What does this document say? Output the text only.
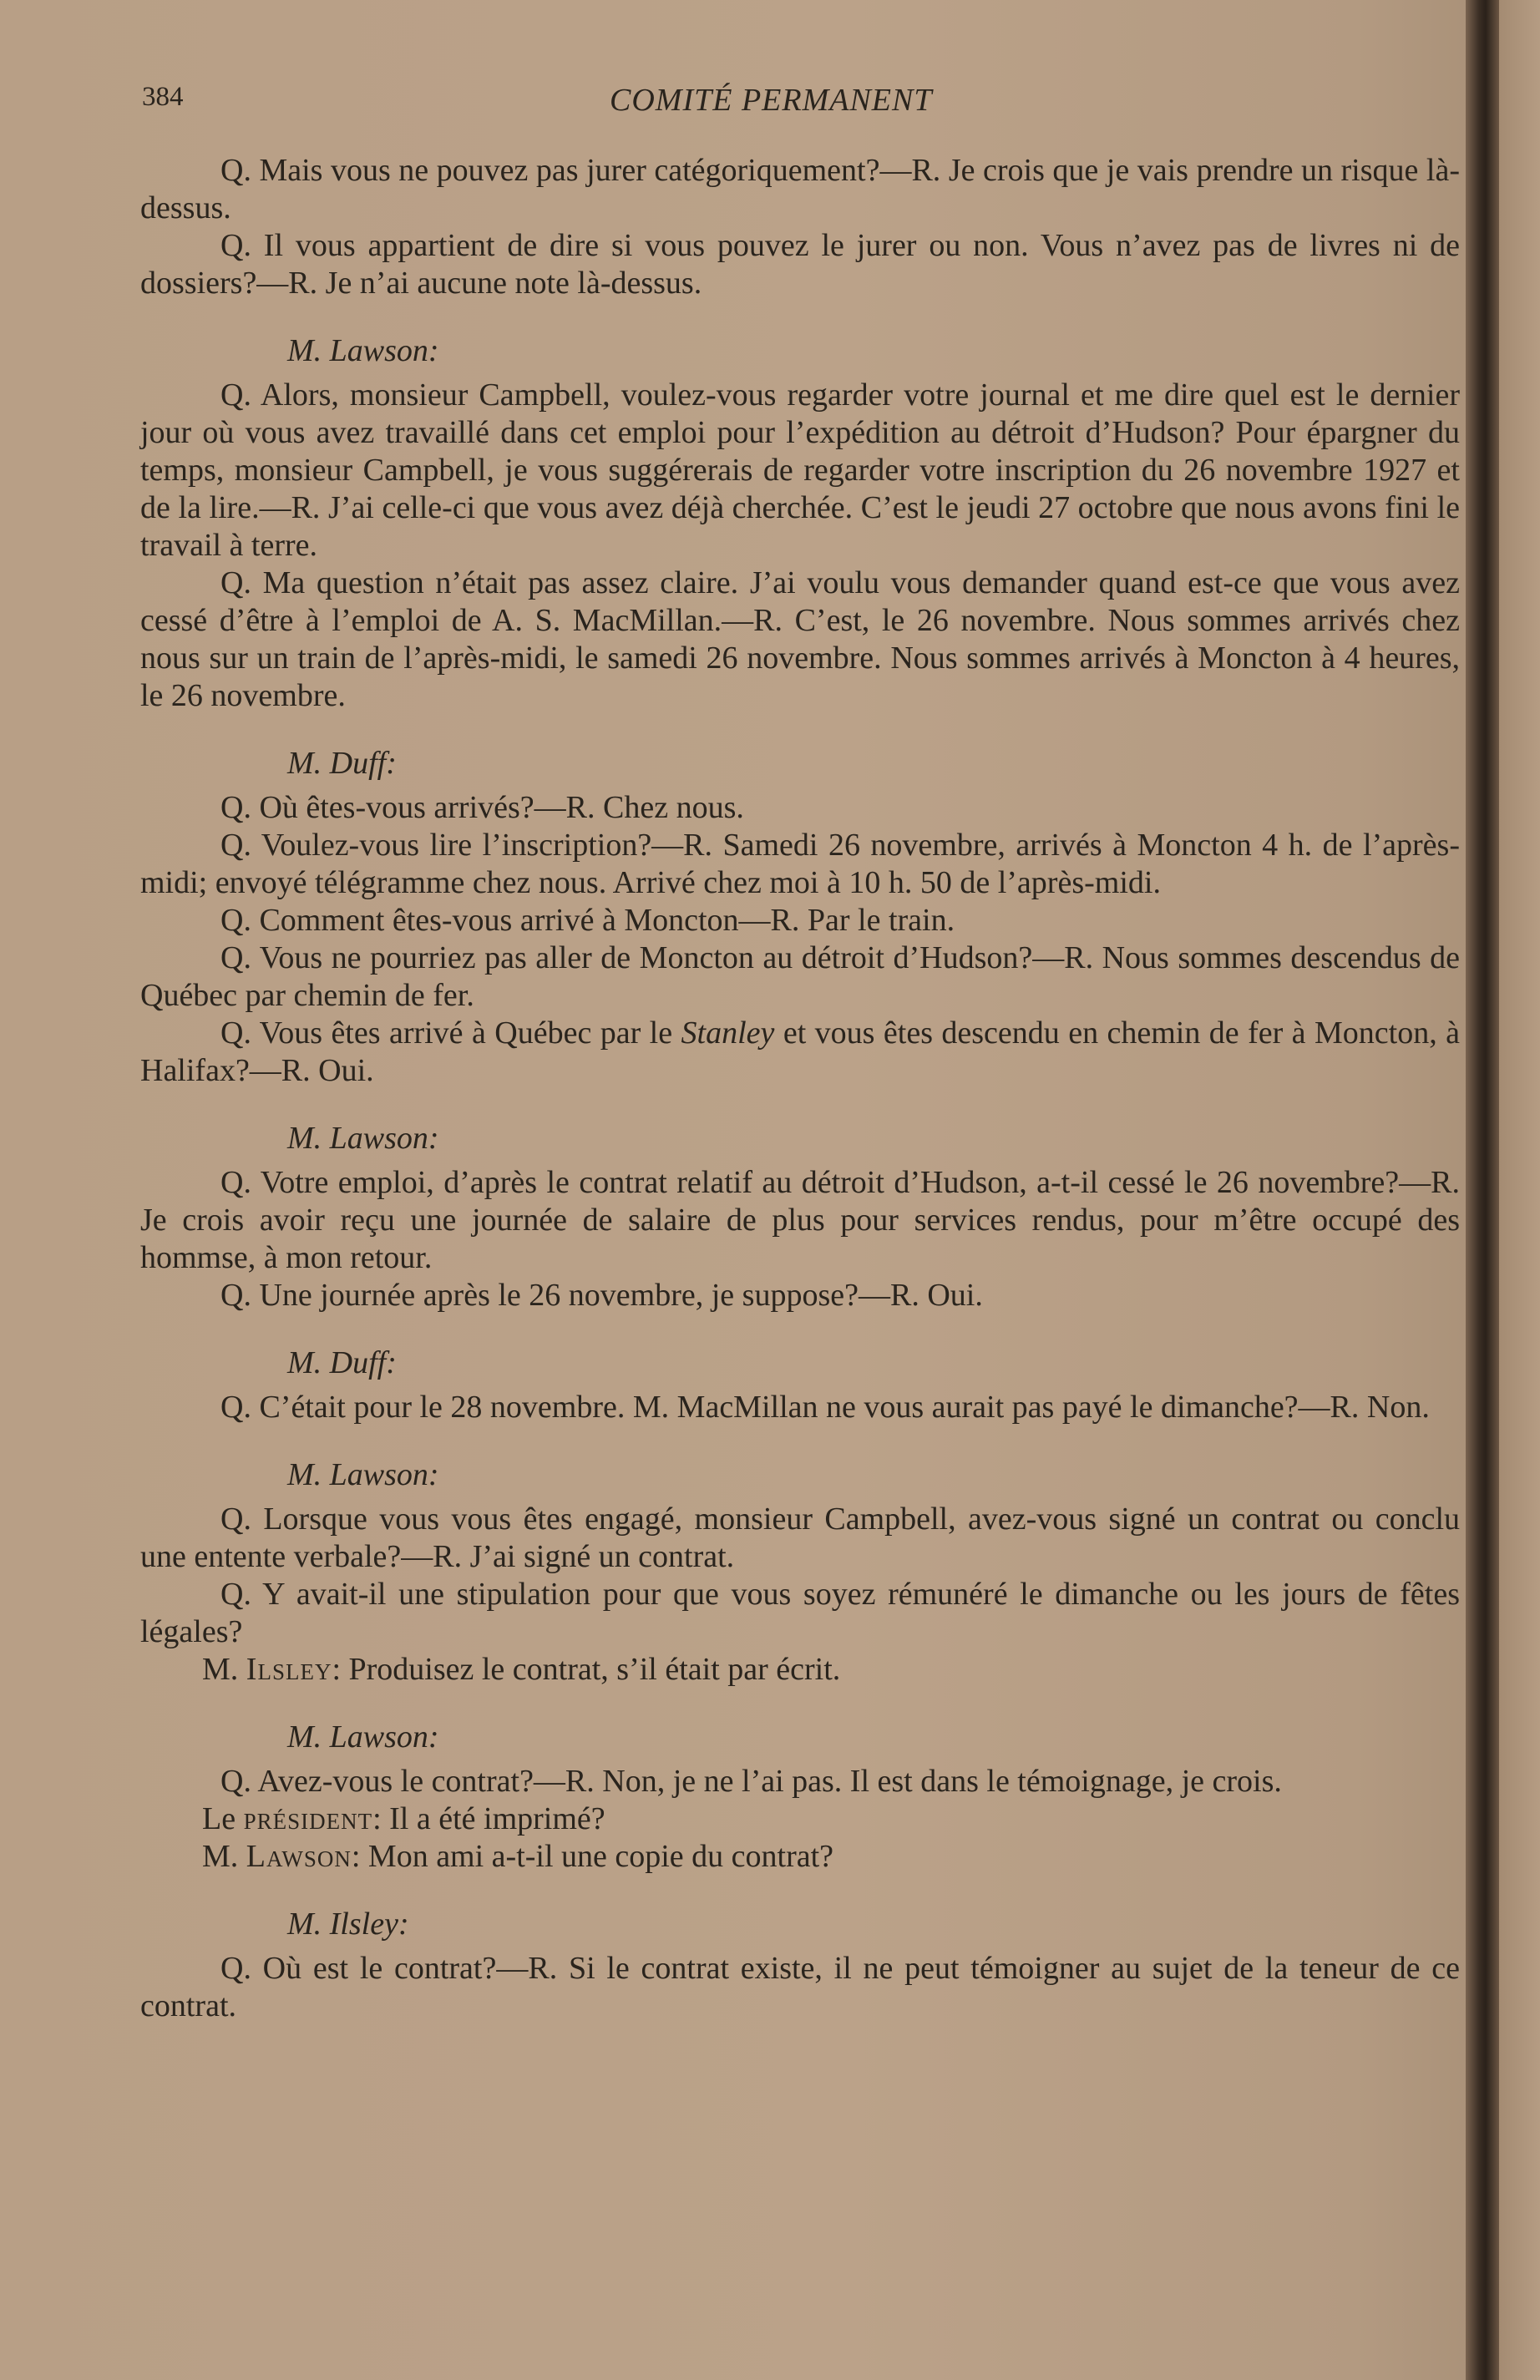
384	COMITÉ PERMANENT

Q. Mais vous ne pouvez pas jurer catégoriquement?—R. Je crois que je vais prendre un risque là-dessus.

Q. Il vous appartient de dire si vous pouvez le jurer ou non. Vous n’avez pas de livres ni de dossiers?—R. Je n’ai aucune note là-dessus.

M. Lawson:

Q. Alors, monsieur Campbell, voulez-vous regarder votre journal et me dire quel est le dernier jour où vous avez travaillé dans cet emploi pour l’expédition au détroit d’Hudson? Pour épargner du temps, monsieur Campbell, je vous suggérerais de regarder votre inscription du 26 novembre 1927 et de la lire.—R. J’ai celle-ci que vous avez déjà cherchée. C’est le jeudi 27 octobre que nous avons fini le travail à terre.

Q. Ma question n’était pas assez claire. J’ai voulu vous demander quand est-ce que vous avez cessé d’être à l’emploi de A. S. MacMillan.—R. C’est, le 26 novembre. Nous sommes arrivés chez nous sur un train de l’après-midi, le samedi 26 novembre. Nous sommes arrivés à Moncton à 4 heures, le 26 novembre.

M. Duff:

Q. Où êtes-vous arrivés?—R. Chez nous.

Q. Voulez-vous lire l’inscription?—R. Samedi 26 novembre, arrivés à Moncton 4 h. de l’après-midi; envoyé télégramme chez nous. Arrivé chez moi à 10 h. 50 de l’après-midi.

Q. Comment êtes-vous arrivé à Moncton—R. Par le train.

Q. Vous ne pourriez pas aller de Moncton au détroit d’Hudson?—R. Nous sommes descendus de Québec par chemin de fer.

Q. Vous êtes arrivé à Québec par le Stanley et vous êtes descendu en chemin de fer à Moncton, à Halifax?—R. Oui.

M. Lawson:

Q. Votre emploi, d’après le contrat relatif au détroit d’Hudson, a-t-il cessé le 26 novembre?—R. Je crois avoir reçu une journée de salaire de plus pour services rendus, pour m’être occupé des hommse, à mon retour.

Q. Une journée après le 26 novembre, je suppose?—R. Oui.

M. Duff:

Q. C’était pour le 28 novembre. M. MacMillan ne vous aurait pas payé le dimanche?—R. Non.

M. Lawson:

Q. Lorsque vous vous êtes engagé, monsieur Campbell, avez-vous signé un contrat ou conclu une entente verbale?—R. J’ai signé un contrat.

Q. Y avait-il une stipulation pour que vous soyez rémunéré le dimanche ou les jours de fêtes légales?

M. Ilsley: Produisez le contrat, s’il était par écrit.

M. Lawson:

Q. Avez-vous le contrat?—R. Non, je ne l’ai pas. Il est dans le témoignage, je crois.

Le président: Il a été imprimé?

M. Lawson: Mon ami a-t-il une copie du contrat?

M. Ilsley:

Q. Où est le contrat?—R. Si le contrat existe, il ne peut témoigner au sujet de la teneur de ce contrat.
